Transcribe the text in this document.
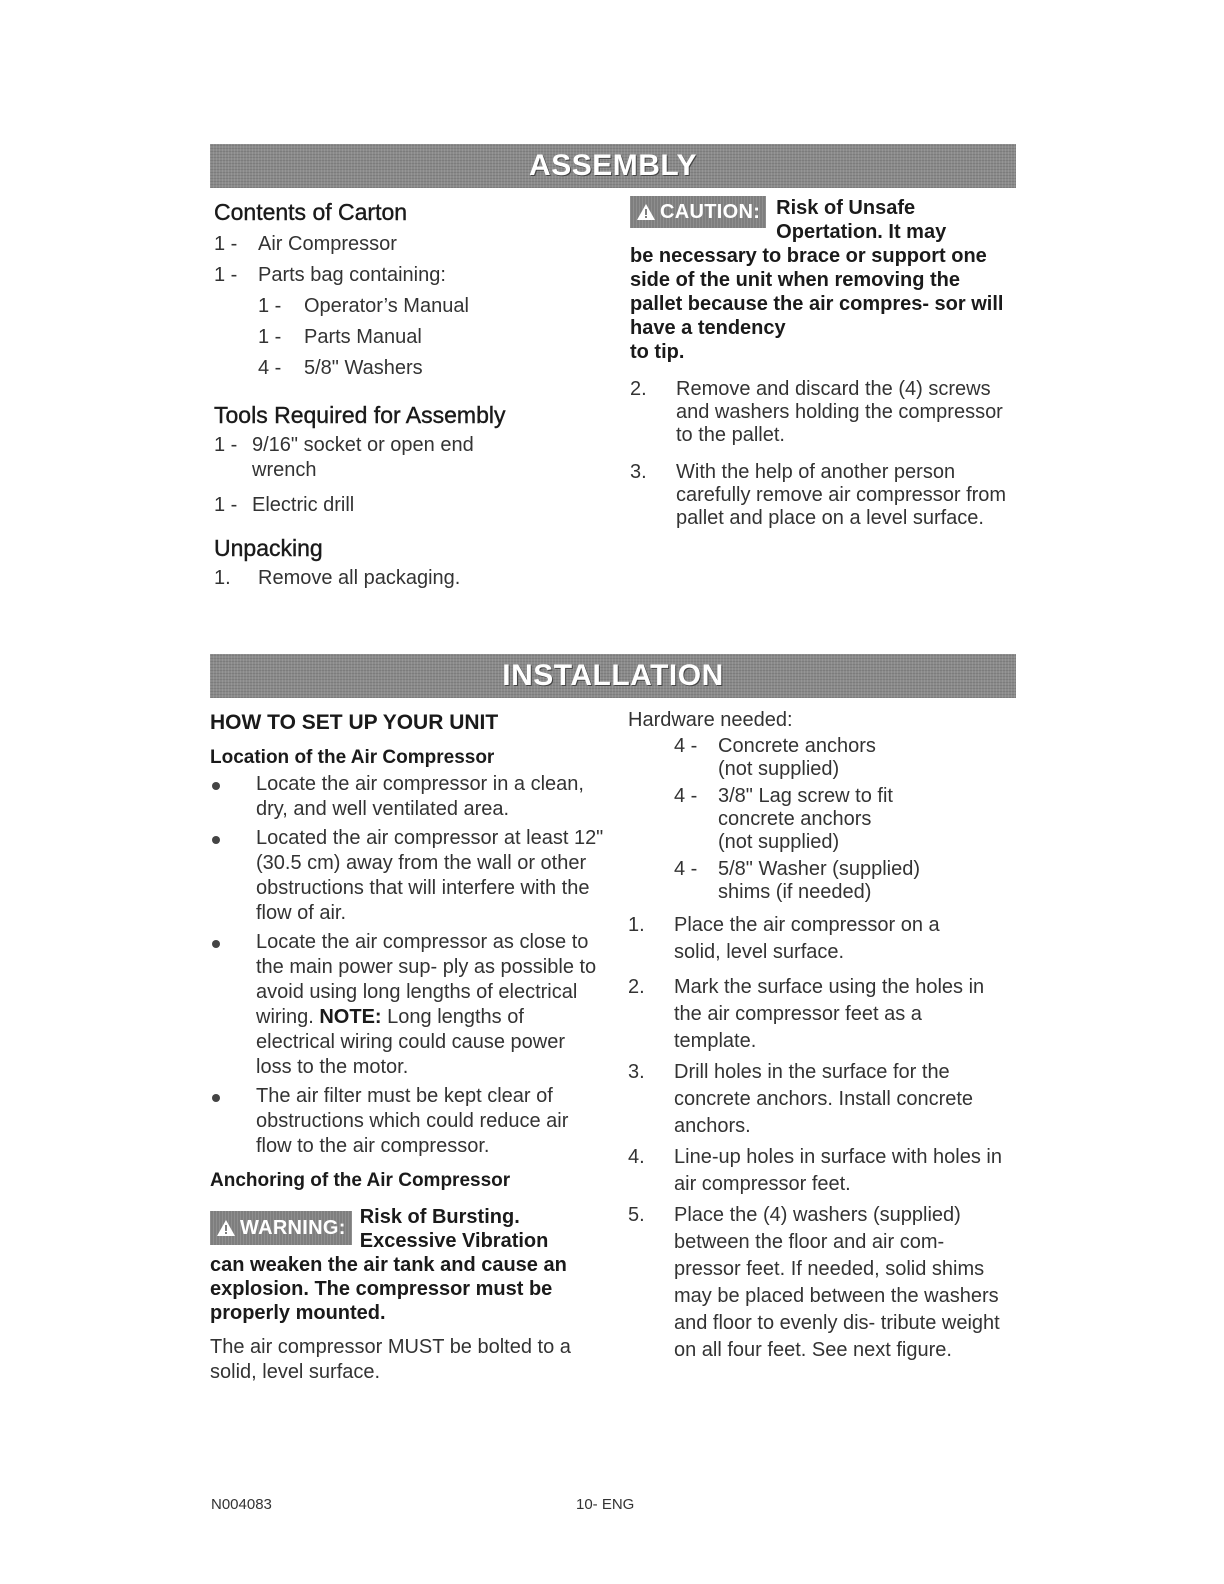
ASSEMBLY
Contents of Carton
1 -	Air Compressor
1 -	Parts bag containing:
1 -	Operator’s Manual
1 -	Parts Manual
4 -	5/8" Washers
Tools Required for Assembly
1 - 9/16" socket or open end wrench
1 - Electric drill
Unpacking
1.	Remove all packaging.
CAUTION: Risk of Unsafe
Opertation. It may
be necessary to brace or support one side of the unit when removing the pallet because the air compres- sor will have a tendency
to tip.
2.	Remove and discard the (4) screws and washers holding the compressor to the pallet.
3.	With the help of another person carefully remove air compressor from pallet and place on a level surface.
INSTALLATION
HOW TO SET UP YOUR UNIT
Location of the Air Compressor
Locate the air compressor in a clean, dry, and well ventilated area.
Located the air compressor at least 12" (30.5 cm) away from the wall or other obstructions that will interfere with the flow of air.
Locate the air compressor as close to the main power sup- ply as possible to avoid using long lengths of electrical wiring. NOTE: Long lengths of electrical wiring could cause power loss to the motor.
The air filter must be kept clear of obstructions which could reduce air flow to the air compressor.
Anchoring of the Air Compressor
WARNING: Risk of Bursting.
Excessive Vibration
can weaken the air tank and cause an explosion. The compressor must be properly mounted.
The air compressor MUST be bolted to a solid, level surface.
Hardware needed:
4 -	Concrete anchors
(not supplied)
4 -	3/8" Lag screw to fit concrete anchors
(not supplied)
4 -	5/8" Washer (supplied) shims (if needed)
1.	Place the air compressor on a solid, level surface.
2.	Mark the surface using the holes in the air compressor feet as a template.
3.	Drill holes in the surface for the concrete anchors. Install concrete anchors.
4.	Line-up holes in surface with holes in air compressor feet.
5.	Place the (4) washers (supplied) between the floor and air com- pressor feet. If needed, solid shims may be placed between the washers and floor to evenly dis- tribute weight on all four feet. See next figure.
N004083	10- ENG
